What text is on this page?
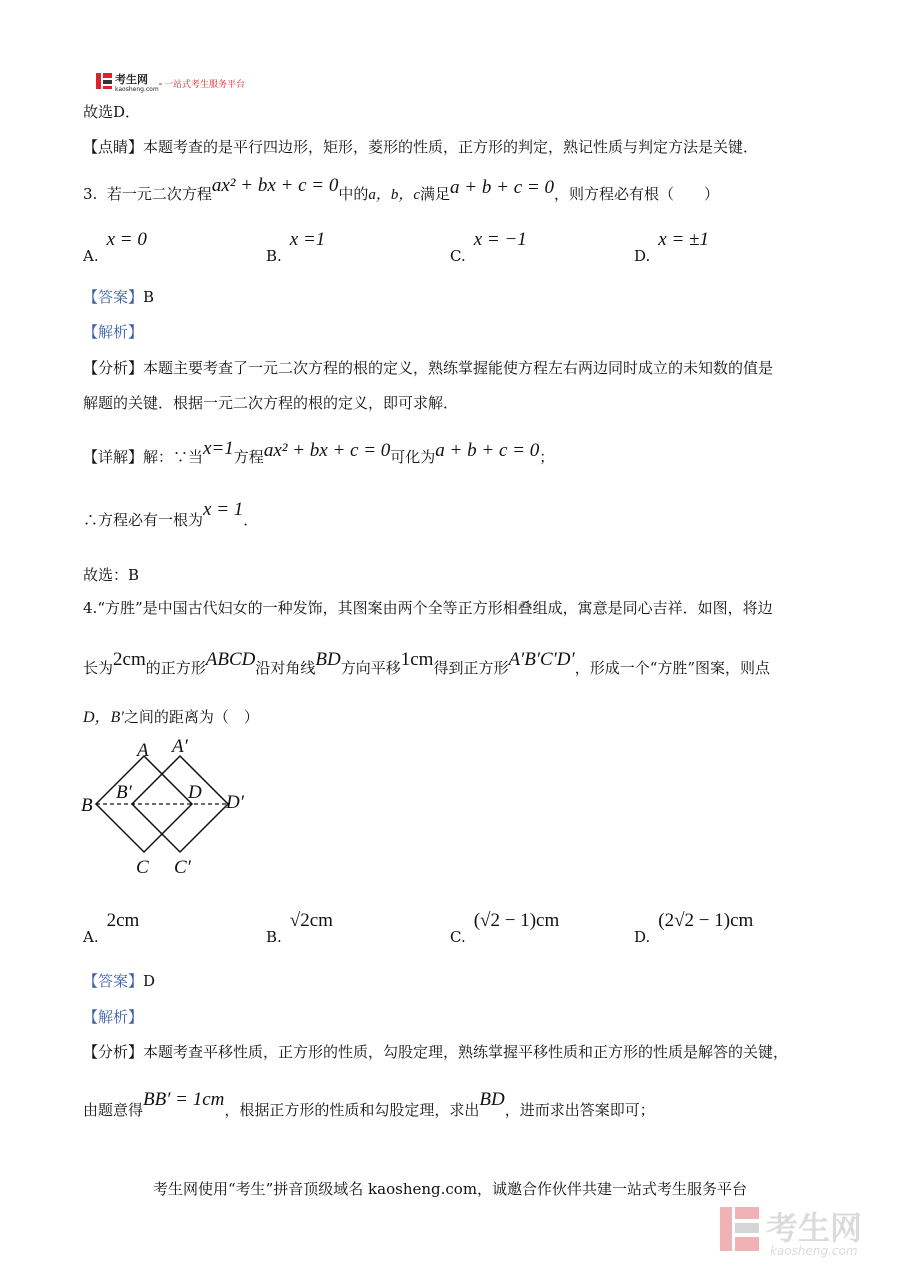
考生网
kaosheng.com 一站式考生服务平台
故选D．
【点睛】本题考查的是平行四边形，矩形，菱形的性质，正方形的判定，熟记性质与判定方法是关键．
3. 若一元二次方程ax² + bx + c = 0中的a，b，c满足a + b + c = 0，则方程必有根（　　）
A.x = 0
B.x =1
C.x = −1
D.x = ±1
【答案】B
【解析】
【分析】本题主要考查了一元二次方程的根的定义，熟练掌握能使方程左右两边同时成立的未知数的值是
解题的关键．根据一元二次方程的根的定义，即可求解．
【详解】解：∵当x=1方程ax² + bx + c = 0可化为a + b + c = 0；
∴方程必有一根为x = 1．
故选：B
4.“方胜”是中国古代妇女的一种发饰，其图案由两个全等正方形相叠组成，寓意是同心吉祥．如图，将边
长为2cm的正方形ABCD沿对角线BD方向平移1cm得到正方形A′B′C′D′，形成一个“方胜”图案，则点
D，B′之间的距离为（　）
A A′
B
B′	D D′
C C′
A.2cm
B.√2cm
C.(√2 − 1)cm
D.(2√2 − 1)cm
【答案】D
【解析】
【分析】本题考查平移性质，正方形的性质，勾股定理，熟练掌握平移性质和正方形的性质是解答的关键，
由题意得BB′ = 1cm，根据正方形的性质和勾股定理，求出BD，进而求出答案即可；
考生网使用“考生”拼音顶级域名 kaosheng.com，诚邀合作伙伴共建一站式考生服务平台
考生网
kaosheng.com
